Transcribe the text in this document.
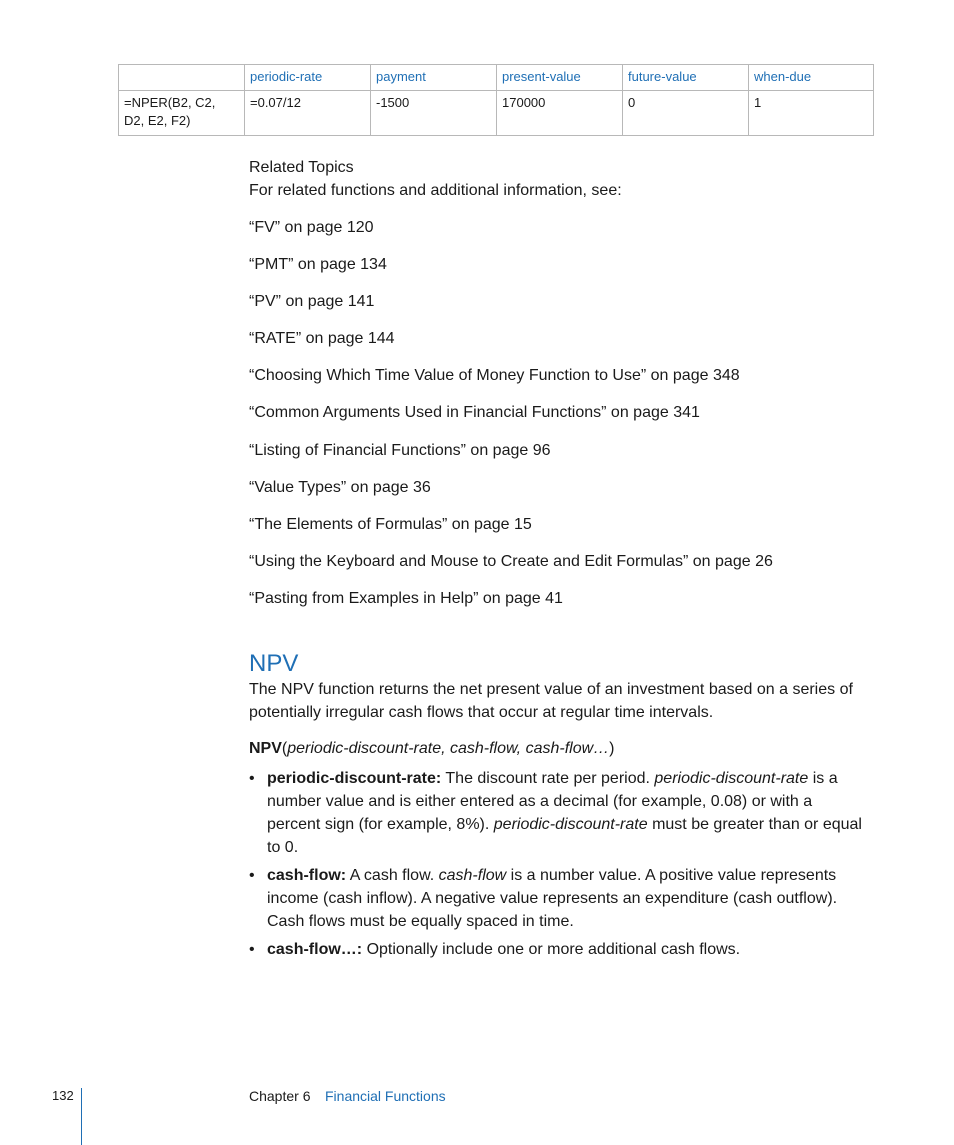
	periodic-rate	payment	present-value	future-value	when-due
=NPER(B2, C2, D2, E2, F2)	=0.07/12	-1500	170000	0	1
Related Topics
For related functions and additional information, see:
“FV” on page 120
“PMT” on page 134
“PV” on page 141
“RATE” on page 144
“Choosing Which Time Value of Money Function to Use” on page 348
“Common Arguments Used in Financial Functions” on page 341
“Listing of Financial Functions” on page 96
“Value Types” on page 36
“The Elements of Formulas” on page 15
“Using the Keyboard and Mouse to Create and Edit Formulas” on page 26
“Pasting from Examples in Help” on page 41
NPV

The NPV function returns the net present value of an investment based on a series of potentially irregular cash flows that occur at regular time intervals.

NPV(periodic-discount-rate, cash-flow, cash-flow…)

• periodic-discount-rate: The discount rate per period. periodic-discount-rate is a number value and is either entered as a decimal (for example, 0.08) or with a percent sign (for example, 8%). periodic-discount-rate must be greater than or equal to 0.
• cash-flow: A cash flow. cash-flow is a number value. A positive value represents income (cash inflow). A negative value represents an expenditure (cash outflow). Cash flows must be equally spaced in time.
• cash-flow…: Optionally include one or more additional cash flows.
132	Chapter 6 Financial Functions
